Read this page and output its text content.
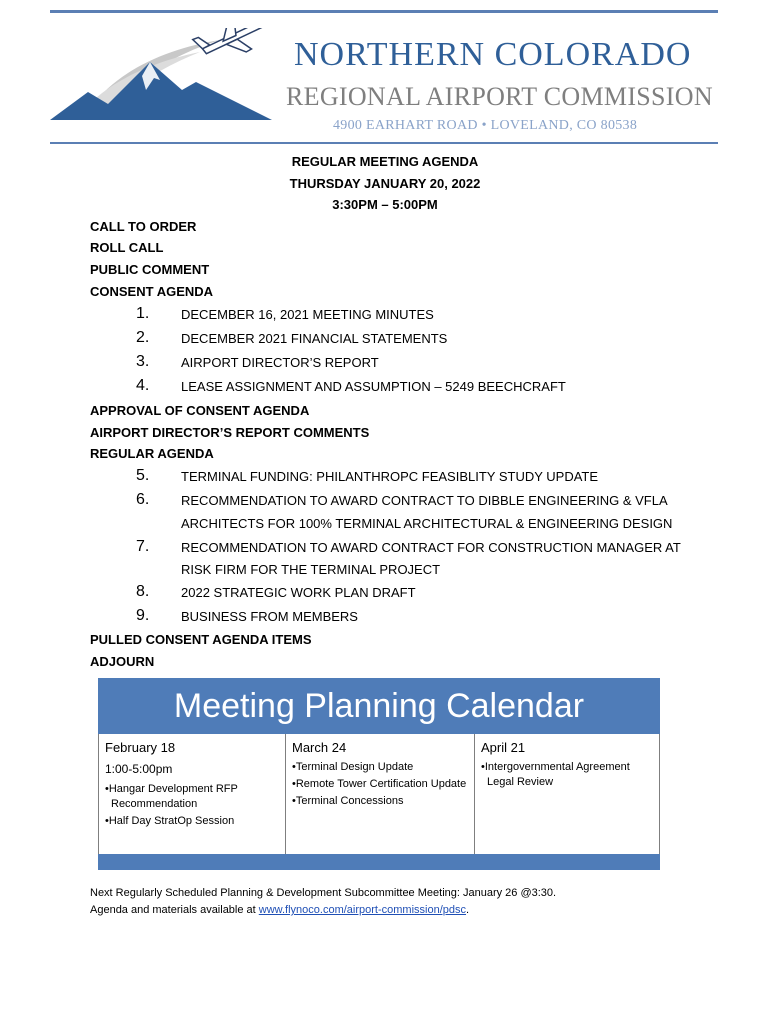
NORTHERN COLORADO
REGIONAL AIRPORT COMMISSION
4900 EARHART ROAD • LOVELAND, CO 80538
REGULAR MEETING AGENDA
THURSDAY JANUARY 20, 2022
3:30PM – 5:00PM
CALL TO ORDER
ROLL CALL
PUBLIC COMMENT
CONSENT AGENDA
1. DECEMBER 16, 2021 MEETING MINUTES
2. DECEMBER 2021 FINANCIAL STATEMENTS
3. AIRPORT DIRECTOR’S REPORT
4. LEASE ASSIGNMENT AND ASSUMPTION – 5249 BEECHCRAFT
APPROVAL OF CONSENT AGENDA
AIRPORT DIRECTOR’S REPORT COMMENTS
REGULAR AGENDA
5. TERMINAL FUNDING: PHILANTHROPC FEASIBLITY STUDY UPDATE
6. RECOMMENDATION TO AWARD CONTRACT TO DIBBLE ENGINEERING & VFLA
ARCHITECTS FOR 100% TERMINAL ARCHITECTURAL & ENGINEERING DESIGN
7. RECOMMENDATION TO AWARD CONTRACT FOR CONSTRUCTION MANAGER AT
RISK FIRM FOR THE TERMINAL PROJECT
8. 2022 STRATEGIC WORK PLAN DRAFT
9. BUSINESS FROM MEMBERS
PULLED CONSENT AGENDA ITEMS
ADJOURN
Meeting Planning Calendar
February 18
1:00-5:00pm
•Hangar Development RFP Recommendation
•Half Day StratOp Session
March 24
•Terminal Design Update
•Remote Tower Certification Update
•Terminal Concessions
April 21
•Intergovernmental Agreement Legal Review
Next Regularly Scheduled Planning & Development Subcommittee Meeting: January 26 @3:30.
Agenda and materials available at www.flynoco.com/airport-commission/pdsc.
